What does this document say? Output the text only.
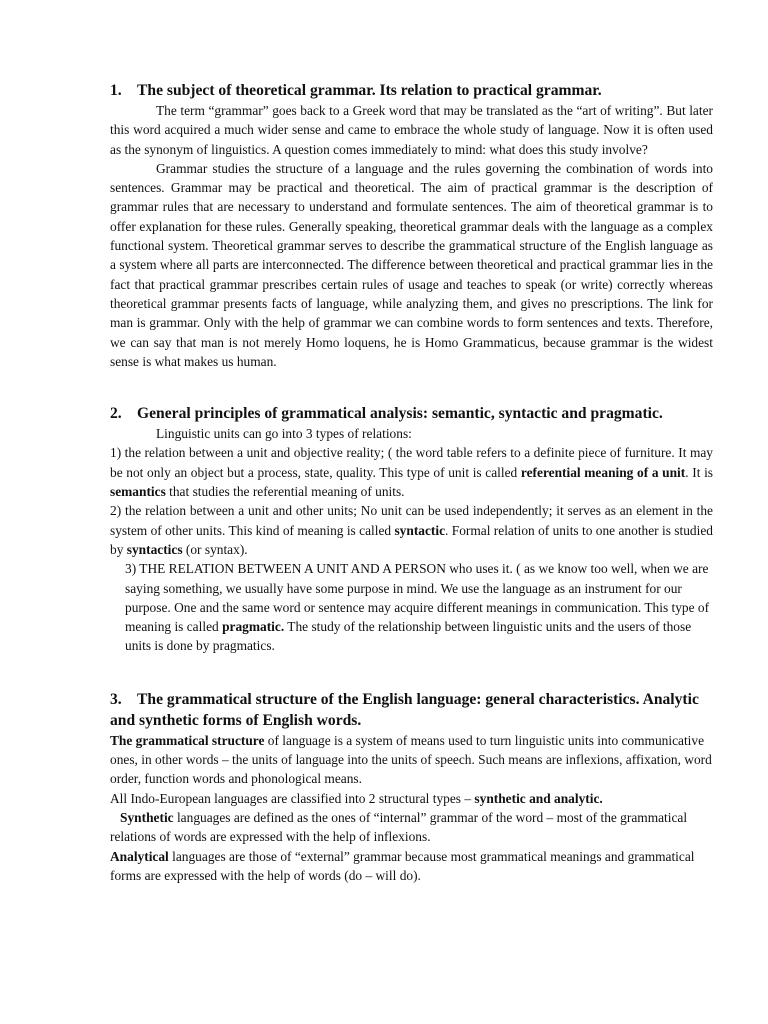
1. The subject of theoretical grammar. Its relation to practical grammar.

The term “grammar” goes back to a Greek word that may be translated as the “art of writing”. But later this word acquired a much wider sense and came to embrace the whole study of language. Now it is often used as the synonym of linguistics. A question comes immediately to mind: what does this study involve?

Grammar studies the structure of a language and the rules governing the combination of words into sentences. Grammar may be practical and theoretical. The aim of practical grammar is the description of grammar rules that are necessary to understand and formulate sentences. The aim of theoretical grammar is to offer explanation for these rules. Generally speaking, theoretical grammar deals with the language as a complex functional system. Theoretical grammar serves to describe the grammatical structure of the English language as a system where all parts are interconnected. The difference between theoretical and practical grammar lies in the fact that practical grammar prescribes certain rules of usage and teaches to speak (or write) correctly whereas theoretical grammar presents facts of language, while analyzing them, and gives no prescriptions. The link for man is grammar. Only with the help of grammar we can combine words to form sentences and texts. Therefore, we can say that man is not merely Homo loquens, he is Homo Grammaticus, because grammar is the widest sense is what makes us human.

2. General principles of grammatical analysis: semantic, syntactic and pragmatic.

Linguistic units can go into 3 types of relations:

1) the relation between a unit and objective reality; ( the word table refers to a definite piece of furniture. It may be not only an object but a process, state, quality. This type of unit is called referential meaning of a unit. It is semantics that studies the referential meaning of units.

2) the relation between a unit and other units; No unit can be used independently; it serves as an element in the system of other units. This kind of meaning is called syntactic. Formal relation of units to one another is studied by syntactics (or syntax).

3) THE RELATION BETWEEN A UNIT AND A PERSON who uses it. ( as we know too well, when we are saying something, we usually have some purpose in mind. We use the language as an instrument for our purpose. One and the same word or sentence may acquire different meanings in communication. This type of meaning is called pragmatic. The study of the relationship between linguistic units and the users of those units is done by pragmatics.

3. The grammatical structure of the English language: general characteristics. Analytic and synthetic forms of English words.

The grammatical structure of language is a system of means used to turn linguistic units into communicative ones, in other words – the units of language into the units of speech. Such means are inflexions, affixation, word order, function words and phonological means.

All Indo-European languages are classified into 2 structural types – synthetic and analytic.

Synthetic languages are defined as the ones of “internal” grammar of the word – most of the grammatical relations of words are expressed with the help of inflexions.

Analytical languages are those of “external” grammar because most grammatical meanings and grammatical forms are expressed with the help of words (do – will do).
